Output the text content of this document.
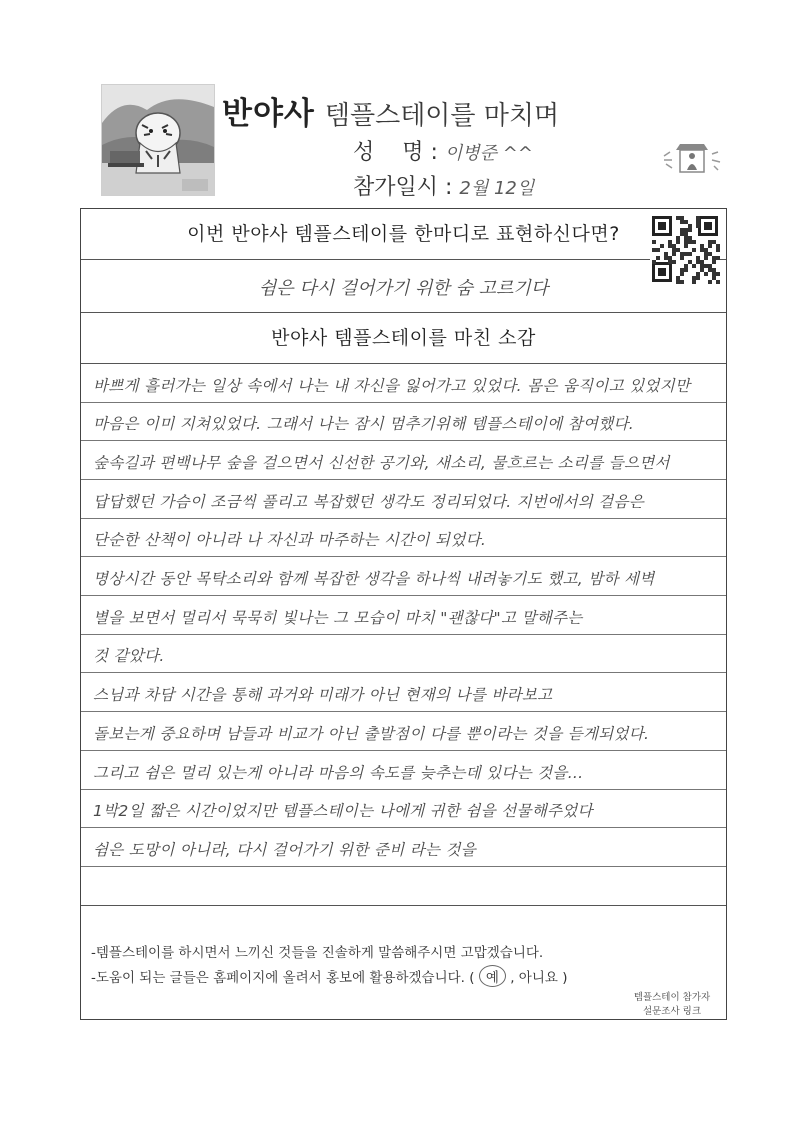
반야사 템플스테이를 마치며
성    명 : 이병준 ^^
참가일시 : 2월 12일
이번 반야사 템플스테이를 한마디로 표현하신다면?
쉼은 다시 걸어가기 위한 숨 고르기다
반야사 템플스테이를 마친 소감
바쁘게 흘러가는 일상 속에서 나는 내 자신을 잃어가고 있었다. 몸은 움직이고 있었지만
마음은 이미 지쳐있었다. 그래서 나는 잠시 멈추기위해 템플스테이에 참여했다.
숲속길과 편백나무 숲을 걸으면서 신선한 공기와, 새소리, 물흐르는 소리를 들으면서
답답했던 가슴이 조금씩 풀리고 복잡했던 생각도 정리되었다. 지번에서의 걸음은
단순한 산책이 아니라 나 자신과 마주하는 시간이 되었다.
명상시간 동안 목탁소리와 함께 복잡한 생각을 하나씩 내려놓기도 했고, 밤하 세벽
별을 보면서 멀리서 묵묵히 빛나는 그 모습이 마치 "괜찮다"고 말해주는
것 같았다.
스님과 차담 시간을 통해 과거와 미래가 아닌 현재의 나를 바라보고
돌보는게 중요하며 남들과 비교가 아닌 출발점이 다를 뿐이라는 것을 듣게되었다.
그리고 쉼은 멀리 있는게 아니라 마음의 속도를 늦추는데 있다는 것을...
1박2일 짧은 시간이었지만 템플스테이는 나에게 귀한 쉼을 선물해주었다
쉼은 도망이 아니라, 다시 걸어가기 위한 준비 라는 것을
-템플스테이를 하시면서 느끼신 것들을 진솔하게 말씀해주시면 고맙겠습니다.
-도움이 되는 글들은 홈페이지에 올려서 홍보에 활용하겠습니다. ( 예 , 아니요 )
템플스테이 참가자
설문조사 링크
